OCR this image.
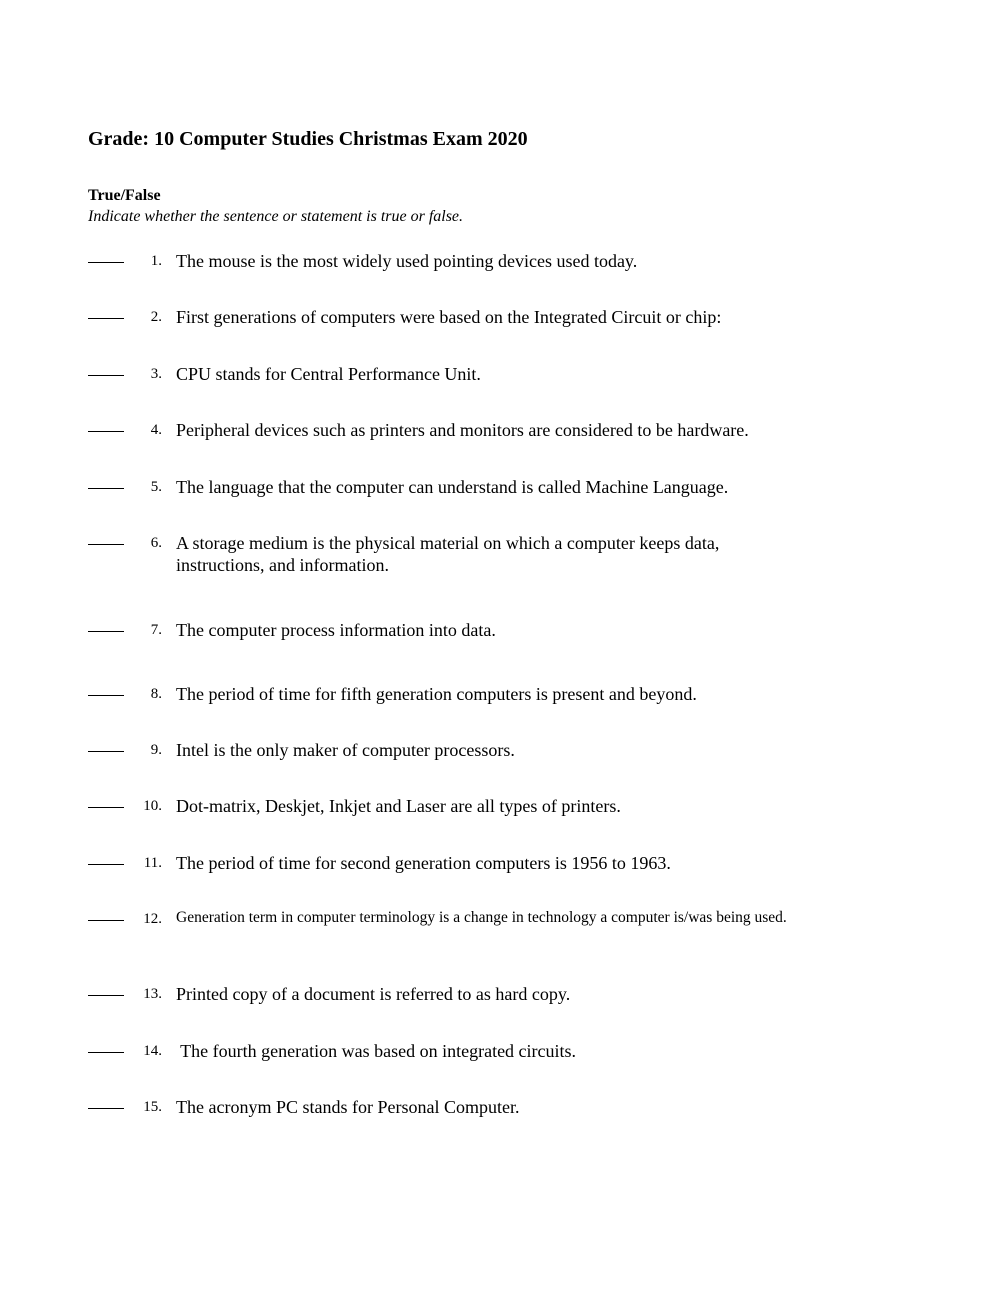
Grade: 10 Computer Studies Christmas Exam 2020
True/False
Indicate whether the sentence or statement is true or false.
1. The mouse is the most widely used pointing devices used today.
2. First generations of computers were based on the Integrated Circuit or chip:
3. CPU stands for Central Performance Unit.
4. Peripheral devices such as printers and monitors are considered to be hardware.
5. The language that the computer can understand is called Machine Language.
6. A storage medium is the physical material on which a computer keeps data, instructions, and information.
7. The computer process information into data.
8. The period of time for fifth generation computers is present and beyond.
9. Intel is the only maker of computer processors.
10. Dot-matrix, Deskjet, Inkjet and Laser are all types of printers.
11. The period of time for second generation computers is 1956 to 1963.
12. Generation term in computer terminology is a change in technology a computer is/was being used.
13. Printed copy of a document is referred to as hard copy.
14. The fourth generation was based on integrated circuits.
15. The acronym PC stands for Personal Computer.
